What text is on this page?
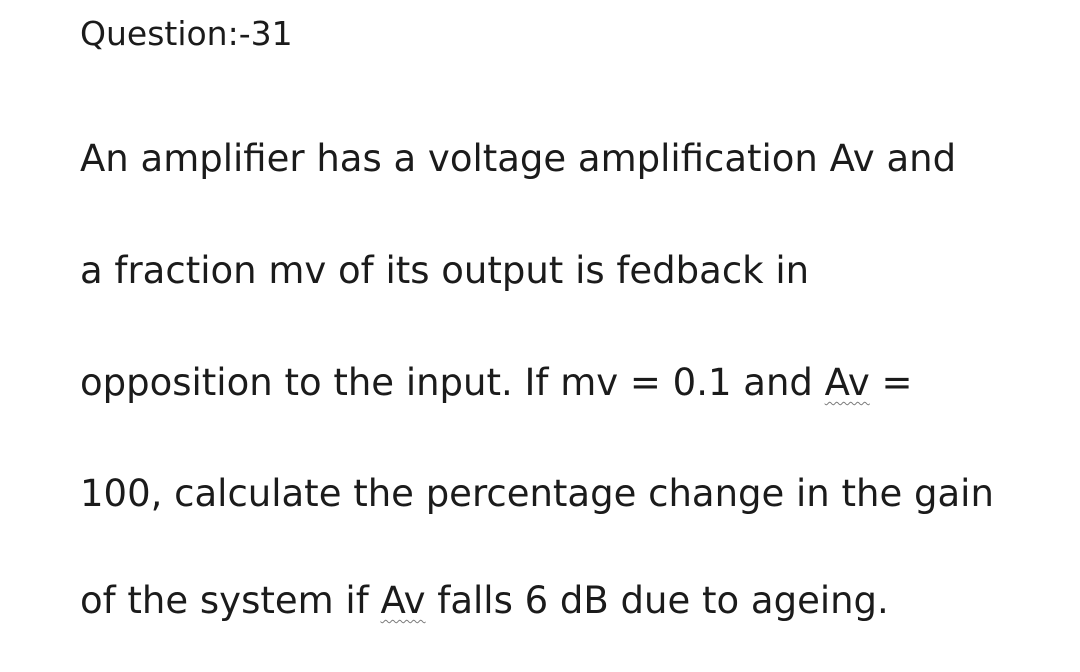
Question:-31
An amplifier has a voltage amplification Av and
a fraction mv of its output is fedback in
opposition to the input. If mv = 0.1 and Av =
100, calculate the percentage change in the gain
of the system if Av falls 6 dB due to ageing.
